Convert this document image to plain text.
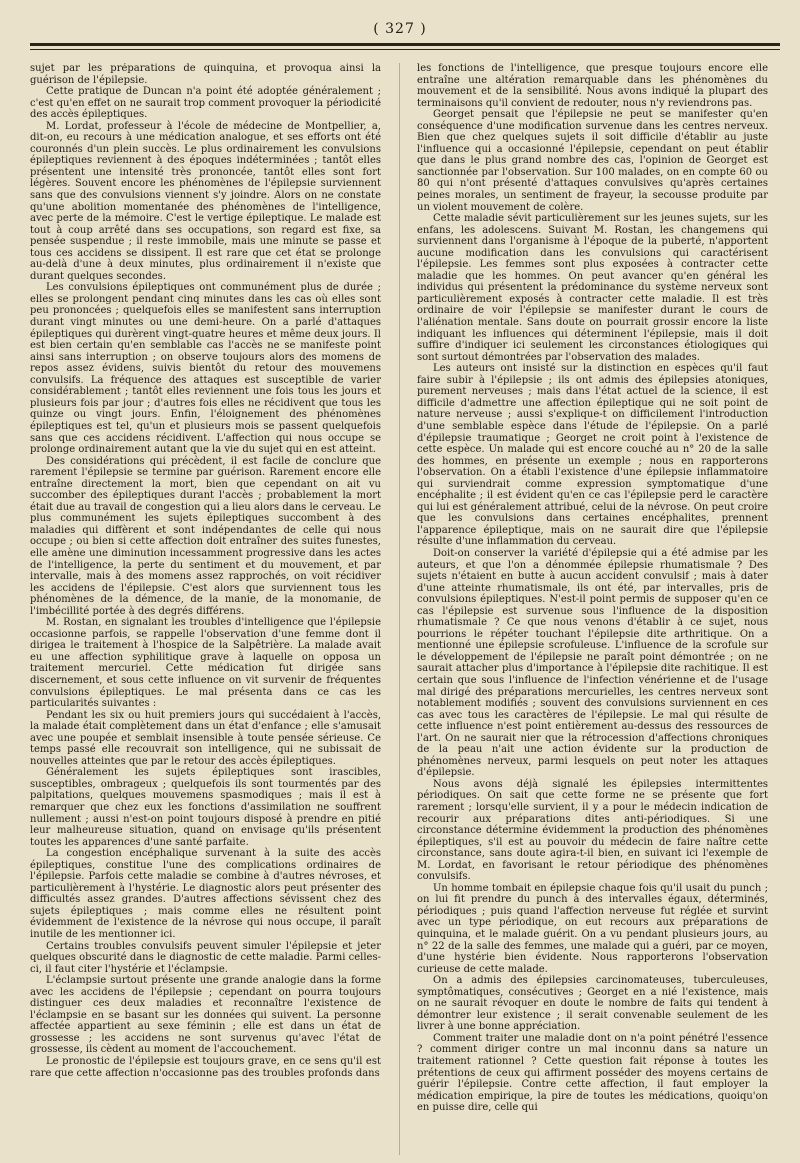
( 327 )

sujet par les préparations de quinquina, et provoqua ainsi la guérison de l'épilepsie.

Cette pratique de Duncan n'a point été adoptée généralement ; c'est qu'en effet on ne saurait trop comment provoquer la périodicité des accès épileptiques.

M. Lordat, professeur à l'école de médecine de Montpellier, a, dit-on, eu recours à une médication analogue, et ses efforts ont été couronnés d'un plein succès. Le plus ordinairement les convulsions épileptiques reviennent à des époques indéterminées ; tantôt elles présentent une intensité très prononcée, tantôt elles sont fort légères. Souvent encore les phénomènes de l'épilepsie surviennent sans que des convulsions viennent s'y joindre. Alors on ne constate qu'une abolition momentanée des phénomènes de l'intelligence, avec perte de la mémoire. C'est le vertige épileptique. Le malade est tout à coup arrêté dans ses occupations, son regard est fixe, sa pensée suspendue ; il reste immobile, mais une minute se passe et tous ces accidens se dissipent. Il est rare que cet état se prolonge au-delà d'une à deux minutes, plus ordinairement il n'existe que durant quelques secondes.

Les convulsions épileptiques ont communément plus de durée ; elles se prolongent pendant cinq minutes dans les cas où elles sont peu prononcées ; quelquefois elles se manifestent sans interruption durant vingt minutes ou une demi-heure. On a parlé d'attaques épileptiques qui durèrent vingt-quatre heures et même deux jours. Il est bien certain qu'en semblable cas l'accès ne se manifeste point ainsi sans interruption ; on observe toujours alors des momens de repos assez évidens, suivis bientôt du retour des mouvemens convulsifs. La fréquence des attaques est susceptible de varier considérablement ; tantôt elles reviennent une fois tous les jours et plusieurs fois par jour ; d'autres fois elles ne récidivent que tous les quinze ou vingt jours. Enfin, l'éloignement des phénomènes épileptiques est tel, qu'un et plusieurs mois se passent quelquefois sans que ces accidens récidivent. L'affection qui nous occupe se prolonge ordinairement autant que la vie du sujet qui en est atteint.

Des considérations qui précèdent, il est facile de conclure que rarement l'épilepsie se termine par guérison. Rarement encore elle entraîne directement la mort, bien que cependant on ait vu succomber des épileptiques durant l'accès ; probablement la mort était due au travail de congestion qui a lieu alors dans le cerveau. Le plus communément les sujets épileptiques succombent à des maladies qui diffèrent et sont indépendantes de celle qui nous occupe ; ou bien si cette affection doit entraîner des suites funestes, elle amène une diminution incessamment progressive dans les actes de l'intelligence, la perte du sentiment et du mouvement, et par intervalle, mais à des momens assez rapprochés, on voit récidiver les accidens de l'épilepsie. C'est alors que surviennent tous les phénomènes de la démence, de la manie, de la monomanie, de l'imbécillité portée à des degrés différens.

M. Rostan, en signalant les troubles d'intelligence que l'épilepsie occasionne parfois, se rappelle l'observation d'une femme dont il dirigea le traitement à l'hospice de la Salpêtrière. La malade avait eu une affection syphilitique grave à laquelle on opposa un traitement mercuriel. Cette médication fut dirigée sans discernement, et sous cette influence on vit survenir de fréquentes convulsions épileptiques. Le mal présenta dans ce cas les particularités suivantes :

Pendant les six ou huit premiers jours qui succédaient à l'accès, la malade était complètement dans un état d'enfance ; elle s'amusait avec une poupée et semblait insensible à toute pensée sérieuse. Ce temps passé elle recouvrait son intelligence, qui ne subissait de nouvelles atteintes que par le retour des accès épileptiques.

Généralement les sujets épileptiques sont irascibles, susceptibles, ombrageux ; quelquefois ils sont tourmentés par des palpitations, quelques mouvemens spasmodiques ; mais il est à remarquer que chez eux les fonctions d'assimilation ne souffrent nullement ; aussi n'est-on point toujours disposé à prendre en pitié leur malheureuse situation, quand on envisage qu'ils présentent toutes les apparences d'une santé parfaite.

La congestion encéphalique survenant à la suite des accès épileptiques, constitue l'une des complications ordinaires de l'épilepsie. Parfois cette maladie se combine à d'autres névroses, et particulièrement à l'hystérie. Le diagnostic alors peut présenter des difficultés assez grandes. D'autres affections sévissent chez des sujets épileptiques ; mais comme elles ne résultent point évidemment de l'existence de la névrose qui nous occupe, il paraît inutile de les mentionner ici.

Certains troubles convulsifs peuvent simuler l'épilepsie et jeter quelques obscurité dans le diagnostic de cette maladie. Parmi celles-ci, il faut citer l'hystérie et l'éclampsie.

L'éclampsie surtout présente une grande analogie dans la forme avec les accidens de l'épilepsie ; cependant on pourra toujours distinguer ces deux maladies et reconnaître l'existence de l'éclampsie en se basant sur les données qui suivent. La personne affectée appartient au sexe féminin ; elle est dans un état de grossesse ; les accidens ne sont survenus qu'avec l'état de grossesse, ils cèdent au moment de l'accouchement.

Le pronostic de l'épilepsie est toujours grave, en ce sens qu'il est rare que cette affection n'occasionne pas des troubles profonds dans

les fonctions de l'intelligence, que presque toujours encore elle entraîne une altération remarquable dans les phénomènes du mouvement et de la sensibilité. Nous avons indiqué la plupart des terminaisons qu'il convient de redouter, nous n'y reviendrons pas.

Georget pensait que l'épilepsie ne peut se manifester qu'en conséquence d'une modification survenue dans les centres nerveux. Bien que chez quelques sujets il soit difficile d'établir au juste l'influence qui a occasionné l'épilepsie, cependant on peut établir que dans le plus grand nombre des cas, l'opinion de Georget est sanctionnée par l'observation. Sur 100 malades, on en compte 60 ou 80 qui n'ont présenté d'attaques convulsives qu'après certaines peines morales, un sentiment de frayeur, la secousse produite par un violent mouvement de colère.

Cette maladie sévit particulièrement sur les jeunes sujets, sur les enfans, les adolescens. Suivant M. Rostan, les changemens qui surviennent dans l'organisme à l'époque de la puberté, n'apportent aucune modification dans les convulsions qui caractérisent l'épilepsie. Les femmes sont plus exposées à contracter cette maladie que les hommes. On peut avancer qu'en général les individus qui présentent la prédominance du système nerveux sont particulièrement exposés à contracter cette maladie. Il est très ordinaire de voir l'épilepsie se manifester durant le cours de l'aliénation mentale. Sans doute on pourrait grossir encore la liste indiquant les influences qui déterminent l'épilepsie, mais il doit suffire d'indiquer ici seulement les circonstances étiologiques qui sont surtout démontrées par l'observation des malades.

Les auteurs ont insisté sur la distinction en espèces qu'il faut faire subir à l'épilepsie ; ils ont admis des épilepsies atoniques, purement nerveuses ; mais dans l'état actuel de la science, il est difficile d'admettre une affection épileptique qui ne soit point de nature nerveuse ; aussi s'explique-t on difficilement l'introduction d'une semblable espèce dans l'étude de l'épilepsie. On a parlé d'épilepsie traumatique ; Georget ne croit point à l'existence de cette espèce. Un malade qui est encore couché au n° 20 de la salle des hommes, en présente un exemple ; nous en rapporterons l'observation. On a établi l'existence d'une épilepsie inflammatoire qui surviendrait comme expression symptomatique d'une encéphalite ; il est évident qu'en ce cas l'épilepsie perd le caractère qui lui est généralement attribué, celui de la névrose. On peut croire que les convulsions dans certaines encéphalites, prennent l'apparence épileptique, mais on ne saurait dire que l'épilepsie résulte d'une inflammation du cerveau.

Doit-on conserver la variété d'épilepsie qui a été admise par les auteurs, et que l'on a dénommée épilepsie rhumatismale ? Des sujets n'étaient en butte à aucun accident convulsif ; mais à dater d'une atteinte rhumatismale, ils ont été, par intervalles, pris de convulsions épileptiques. N'est-il point permis de supposer qu'en ce cas l'épilepsie est survenue sous l'influence de la disposition rhumatismale ? Ce que nous venons d'établir à ce sujet, nous pourrions le répéter touchant l'épilepsie dite arthritique. On a mentionné une épilepsie scrofuleuse. L'influence de la scrofule sur le développement de l'épilepsie ne paraît point démontrée ; on ne saurait attacher plus d'importance à l'épilepsie dite rachitique. Il est certain que sous l'influence de l'infection vénérienne et de l'usage mal dirigé des préparations mercurielles, les centres nerveux sont notablement modifiés ; souvent des convulsions surviennent en ces cas avec tous les caractères de l'épilepsie. Le mal qui résulte de cette influence n'est point entièrement au-dessus des ressources de l'art. On ne saurait nier que la rétrocession d'affections chroniques de la peau n'ait une action évidente sur la production de phénomènes nerveux, parmi lesquels on peut noter les attaques d'épilepsie.

Nous avons déjà signalé les épilepsies intermittentes périodiques. On sait que cette forme ne se présente que fort rarement ; lorsqu'elle survient, il y a pour le médecin indication de recourir aux préparations dites anti-périodiques. Si une circonstance détermine évidemment la production des phénomènes épileptiques, s'il est au pouvoir du médecin de faire naître cette circonstance, sans doute agira-t-il bien, en suivant ici l'exemple de M. Lordat, en favorisant le retour périodique des phénomènes convulsifs.

Un homme tombait en épilepsie chaque fois qu'il usait du punch ; on lui fit prendre du punch à des intervalles égaux, déterminés, périodiques ; puis quand l'affection nerveuse fut réglée et survint avec un type périodique, on eut recours aux préparations de quinquina, et le malade guérit. On a vu pendant plusieurs jours, au n° 22 de la salle des femmes, une malade qui a guéri, par ce moyen, d'une hystérie bien évidente. Nous rapporterons l'observation curieuse de cette malade.

On a admis des épilepsies carcinomateuses, tuberculeuses, symptômatiques, consécutives ; Georget en a nié l'existence, mais on ne saurait révoquer en doute le nombre de faits qui tendent à démontrer leur existence ; il serait convenable seulement de les livrer à une bonne appréciation.

Comment traiter une maladie dont on n'a point pénétré l'essence ? comment diriger contre un mal inconnu dans sa nature un traitement rationnel ? Cette question fait réponse à toutes les prétentions de ceux qui affirment posséder des moyens certains de guérir l'épilepsie. Contre cette affection, il faut employer la médication empirique, la pire de toutes les médications, quoiqu'on en puisse dire, celle qui
